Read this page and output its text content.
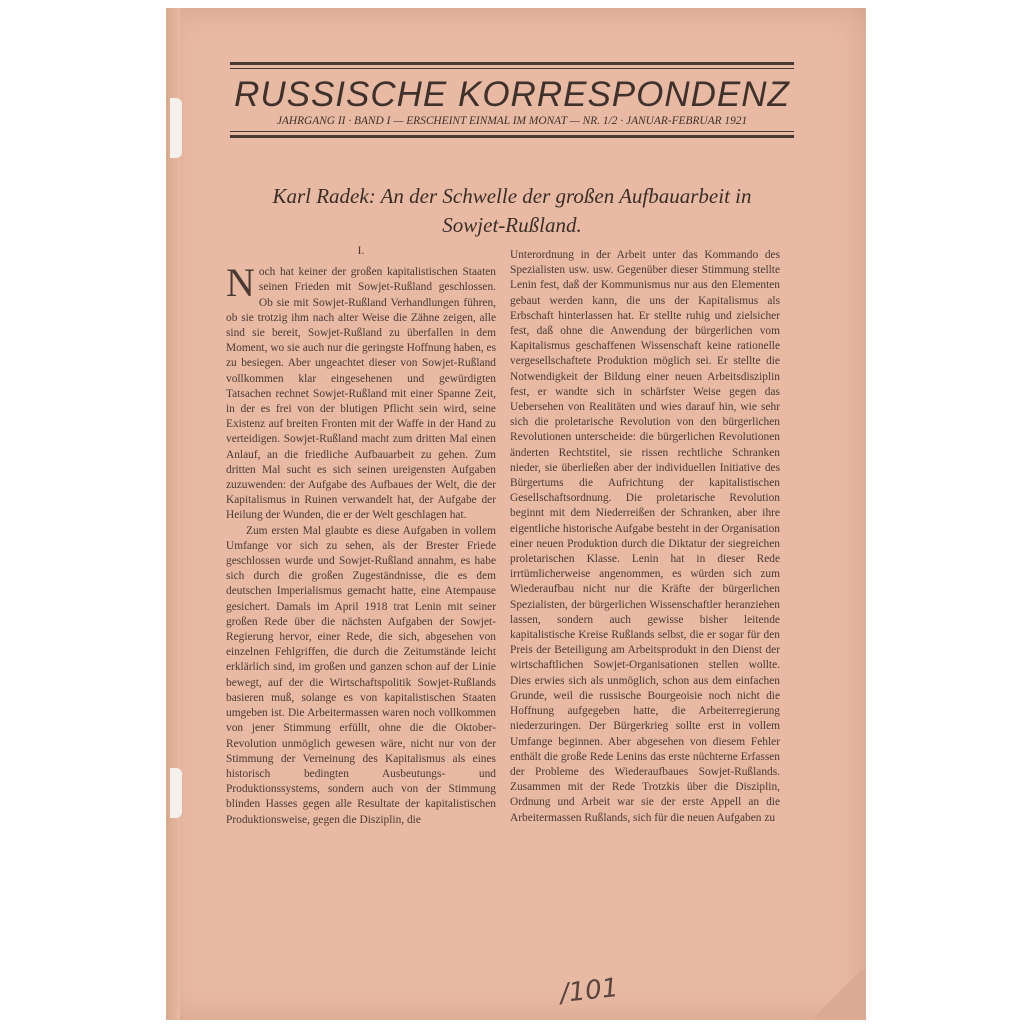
RUSSISCHE KORRESPONDENZ
JAHRGANG II · BAND I — ERSCHEINT EINMAL IM MONAT — NR. 1/2 · JANUAR-FEBRUAR 1921
Karl Radek: An der Schwelle der großen Aufbauarbeit in
Sowjet-Rußland.
I.

Noch hat keiner der großen kapitalistischen Staaten seinen Frieden mit Sowjet-Rußland geschlossen. Ob sie mit Sowjet-Rußland Verhandlungen führen, ob sie trotzig ihm nach alter Weise die Zähne zeigen, alle sind sie bereit, Sowjet-Rußland zu überfallen in dem Moment, wo sie auch nur die geringste Hoffnung haben, es zu besiegen. Aber ungeachtet dieser von Sowjet-Rußland vollkommen klar eingesehenen und gewürdigten Tatsachen rechnet Sowjet-Rußland mit einer Spanne Zeit, in der es frei von der blutigen Pflicht sein wird, seine Existenz auf breiten Fronten mit der Waffe in der Hand zu verteidigen. Sowjet-Rußland macht zum dritten Mal einen Anlauf, an die friedliche Aufbauarbeit zu gehen. Zum dritten Mal sucht es sich seinen ureigensten Aufgaben zuzuwenden: der Aufgabe des Aufbaues der Welt, die der Kapitalismus in Ruinen verwandelt hat, der Aufgabe der Heilung der Wunden, die er der Welt geschlagen hat.

Zum ersten Mal glaubte es diese Aufgaben in vollem Umfange vor sich zu sehen, als der Brester Friede geschlossen wurde und Sowjet-Rußland annahm, es habe sich durch die großen Zugeständnisse, die es dem deutschen Imperialismus gemacht hatte, eine Atempause gesichert. Damals im April 1918 trat Lenin mit seiner großen Rede über die nächsten Aufgaben der Sowjet-Regierung hervor, einer Rede, die sich, abgesehen von einzelnen Fehlgriffen, die durch die Zeitumstände leicht erklärlich sind, im großen und ganzen schon auf der Linie bewegt, auf der die Wirtschaftspolitik Sowjet-Rußlands basieren muß, solange es von kapitalistischen Staaten umgeben ist. Die Arbeitermassen waren noch vollkommen von jener Stimmung erfüllt, ohne die die Oktober-Revolution unmöglich gewesen wäre, nicht nur von der Stimmung der Verneinung des Kapitalismus als eines historisch bedingten Ausbeutungs- und Produktionssystems, sondern auch von der Stimmung blinden Hasses gegen alle Resultate der kapitalistischen Produktionsweise, gegen die Disziplin, die

Unterordnung in der Arbeit unter das Kommando des Spezialisten usw. usw. Gegenüber dieser Stimmung stellte Lenin fest, daß der Kommunismus nur aus den Elementen gebaut werden kann, die uns der Kapitalismus als Erbschaft hinterlassen hat. Er stellte ruhig und zielsicher fest, daß ohne die Anwendung der bürgerlichen vom Kapitalismus geschaffenen Wissenschaft keine rationelle vergesellschaftete Produktion möglich sei. Er stellte die Notwendigkeit der Bildung einer neuen Arbeitsdisziplin fest, er wandte sich in schärfster Weise gegen das Uebersehen von Realitäten und wies darauf hin, wie sehr sich die proletarische Revolution von den bürgerlichen Revolutionen unterscheide: die bürgerlichen Revolutionen änderten Rechtstitel, sie rissen rechtliche Schranken nieder, sie überließen aber der individuellen Initiative des Bürgertums die Aufrichtung der kapitalistischen Gesellschaftsordnung. Die proletarische Revolution beginnt mit dem Niederreißen der Schranken, aber ihre eigentliche historische Aufgabe besteht in der Organisation einer neuen Produktion durch die Diktatur der siegreichen proletarischen Klasse. Lenin hat in dieser Rede irrtümlicherweise angenommen, es würden sich zum Wiederaufbau nicht nur die Kräfte der bürgerlichen Spezialisten, der bürgerlichen Wissenschaftler heranziehen lassen, sondern auch gewisse bisher leitende kapitalistische Kreise Rußlands selbst, die er sogar für den Preis der Beteiligung am Arbeitsprodukt in den Dienst der wirtschaftlichen Sowjet-Organisationen stellen wollte. Dies erwies sich als unmöglich, schon aus dem einfachen Grunde, weil die russische Bourgeoisie noch nicht die Hoffnung aufgegeben hatte, die Arbeiterregierung niederzuringen. Der Bürgerkrieg sollte erst in vollem Umfange beginnen. Aber abgesehen von diesem Fehler enthält die große Rede Lenins das erste nüchterne Erfassen der Probleme des Wiederaufbaues Sowjet-Rußlands. Zusammen mit der Rede Trotzkis über die Disziplin, Ordnung und Arbeit war sie der erste Appell an die Arbeitermassen Rußlands, sich für die neuen Aufgaben zu

/101
